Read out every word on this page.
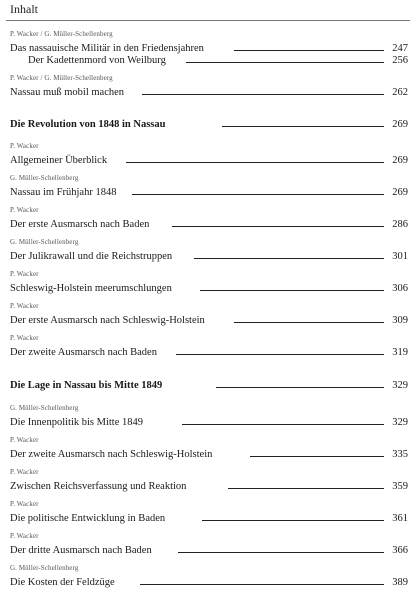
Inhalt
P. Wacker / G. Müller-Schellenberg
Das nassauische Militär in den Friedensjahren	247
Der Kadettenmord von Weilburg	256
P. Wacker / G. Müller-Schellenberg
Nassau muß mobil machen	262
Die Revolution von 1848 in Nassau	269
P. Wacker
Allgemeiner Überblick	269
G. Müller-Schellenberg
Nassau im Frühjahr 1848	269
P. Wacker
Der erste Ausmarsch nach Baden	286
G. Müller-Schellenberg
Der Julikrawall und die Reichstruppen	301
P. Wacker
Schleswig-Holstein meerumschlungen	306
P. Wacker
Der erste Ausmarsch nach Schleswig-Holstein	309
P. Wacker
Der zweite Ausmarsch nach Baden	319
Die Lage in Nassau bis Mitte 1849	329
G. Müller-Schellenberg
Die Innenpolitik bis Mitte 1849	329
P. Wacker
Der zweite Ausmarsch nach Schleswig-Holstein	335
P. Wacker
Zwischen Reichsverfassung und Reaktion	359
P. Wacker
Die politische Entwicklung in Baden	361
P. Wacker
Der dritte Ausmarsch nach Baden	366
G. Müller-Schellenberg
Die Kosten der Feldzüge	389
